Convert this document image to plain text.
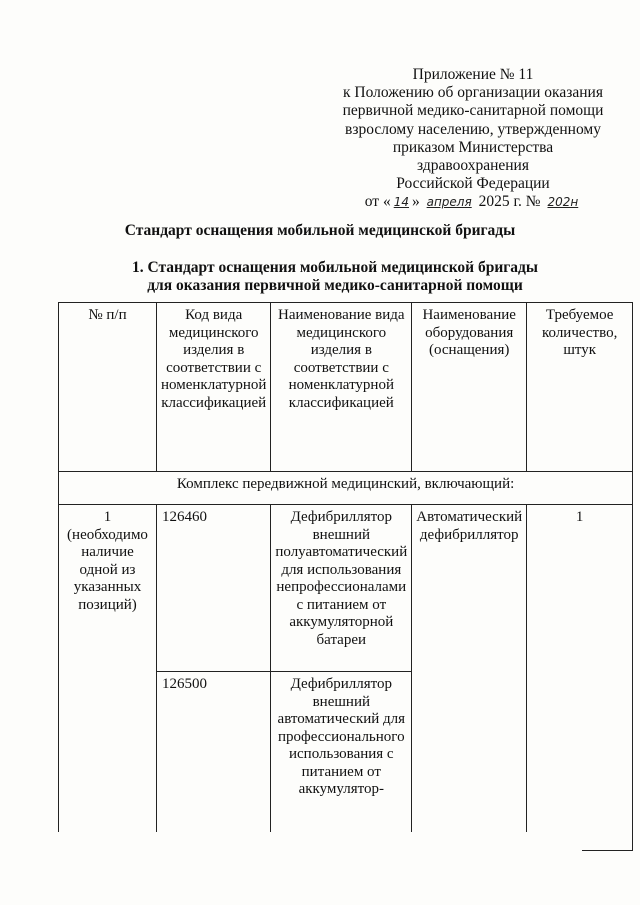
Приложение № 11
к Положению об организации оказания
первичной медико-санитарной помощи
взрослому населению, утвержденному
приказом Министерства здравоохранения
Российской Федерации
от « 14 » апреля 2025 г. № 202н
Стандарт оснащения мобильной медицинской бригады
1. Стандарт оснащения мобильной медицинской бригады
для оказания первичной медико-санитарной помощи
№ п/п	Код вида медицинского изделия в соответствии с номенклатурной классификацией	Наименование вида медицинского изделия в соответствии с номенклатурной классификацией	Наименование оборудования (оснащения)	Требуемое количество, штук
Комплекс передвижной медицинский, включающий:				

1
(необходимо наличие одной из указанных позиций)	126460	Дефибриллятор внешний полуавтоматический для использования непрофессионалами с питанием от аккумуляторной батареи	Автоматический дефибриллятор	1
	126500	Дефибриллятор внешний автоматический для профессионального использования с питанием от аккумулятор-		
